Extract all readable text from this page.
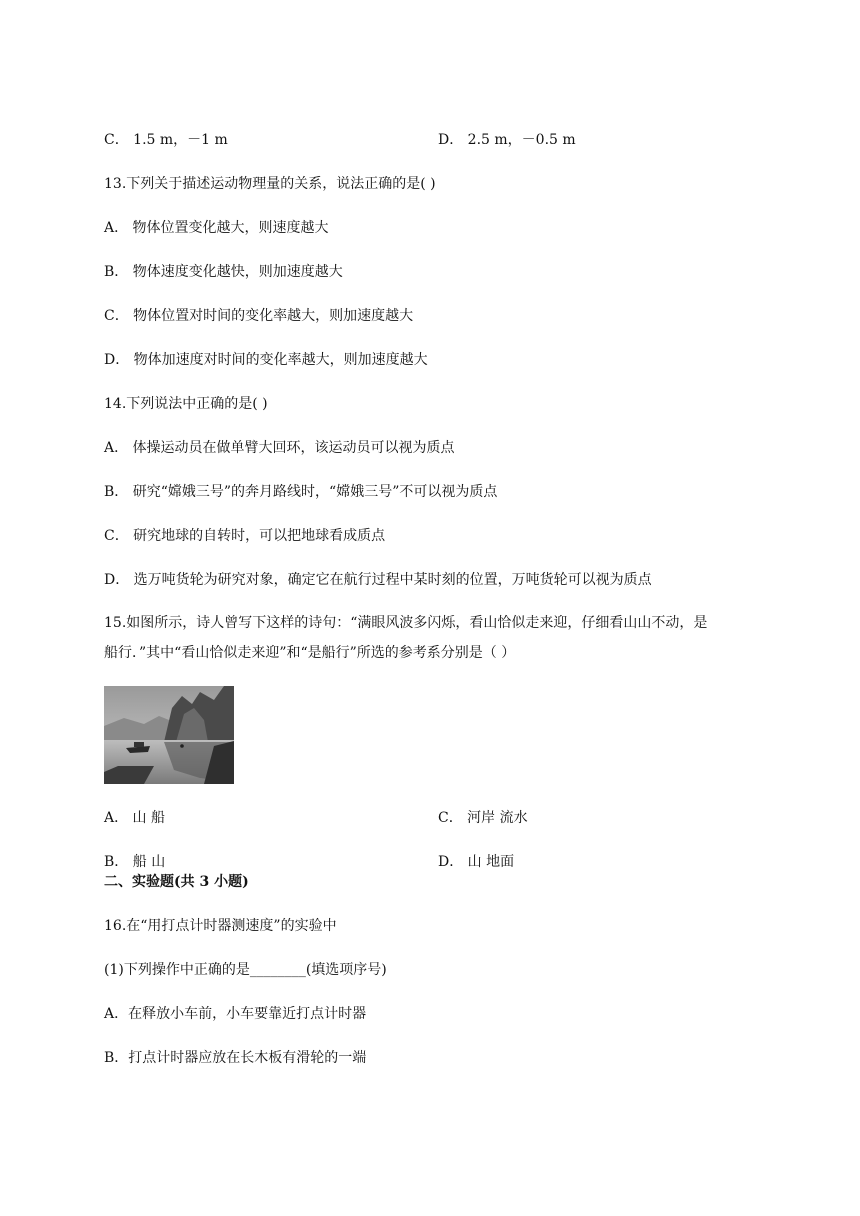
C． 1.5 m，－1 m	D． 2.5 m，－0.5 m
13.下列关于描述运动物理量的关系，说法正确的是( )
A． 物体位置变化越大，则速度越大
B． 物体速度变化越快，则加速度越大
C． 物体位置对时间的变化率越大，则加速度越大
D． 物体加速度对时间的变化率越大，则加速度越大
14.下列说法中正确的是( )
A． 体操运动员在做单臂大回环，该运动员可以视为质点
B． 研究“嫦娥三号”的奔月路线时，“嫦娥三号”不可以视为质点
C． 研究地球的自转时，可以把地球看成质点
D． 选万吨货轮为研究对象，确定它在航行过程中某时刻的位置，万吨货轮可以视为质点
15.如图所示，诗人曾写下这样的诗句：“满眼风波多闪烁，看山恰似走来迎，仔细看山山不动，是
船行．”其中“看山恰似走来迎”和“是船行”所选的参考系分别是（ ）
A． 山 船	C． 河岸 流水
B． 船 山	D． 山 地面
二、实验题(共 3 小题)
16.在“用打点计时器测速度”的实验中
(1)下列操作中正确的是________(填选项序号)
A．在释放小车前，小车要靠近打点计时器
B．打点计时器应放在长木板有滑轮的一端
